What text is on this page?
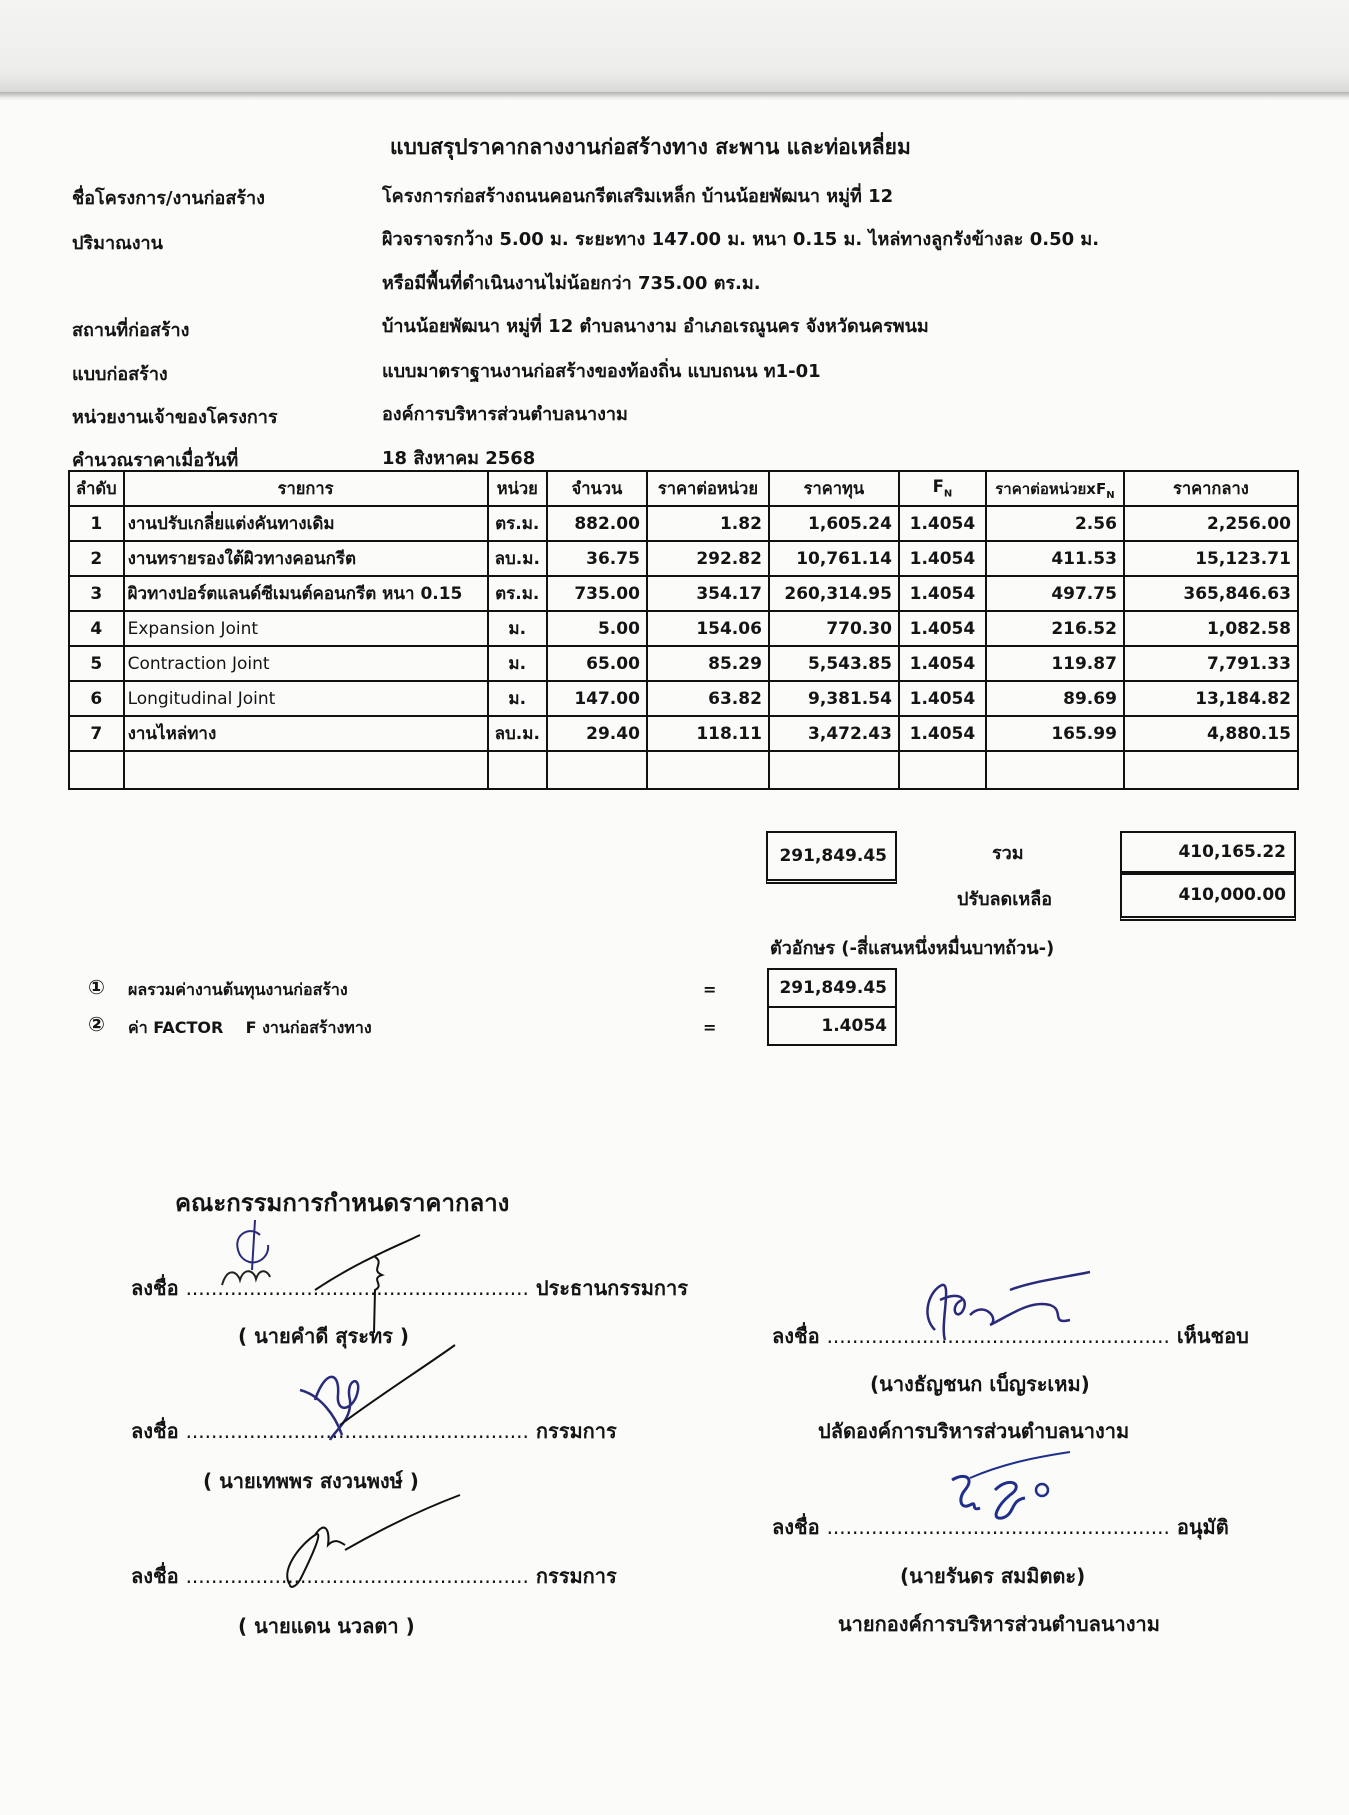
แบบสรุปราคากลางงานก่อสร้างทาง สะพาน และท่อเหลี่ยม
ชื่อโครงการ/งานก่อสร้าง	โครงการก่อสร้างถนนคอนกรีตเสริมเหล็ก บ้านน้อยพัฒนา หมู่ที่ 12
ปริมาณงาน	ผิวจราจรกว้าง 5.00 ม. ระยะทาง 147.00 ม. หนา 0.15 ม. ไหล่ทางลูกรังข้างละ 0.50 ม.
หรือมีพื้นที่ดำเนินงานไม่น้อยกว่า 735.00 ตร.ม.
สถานที่ก่อสร้าง	บ้านน้อยพัฒนา หมู่ที่ 12 ตำบลนางาม อำเภอเรณูนคร จังหวัดนครพนม
แบบก่อสร้าง	แบบมาตราฐานงานก่อสร้างของท้องถิ่น แบบถนน ท1-01
หน่วยงานเจ้าของโครงการ	องค์การบริหารส่วนตำบลนางาม
คำนวณราคาเมื่อวันที่	18 สิงหาคม 2568
ลำดับ	รายการ	หน่วย	จำนวน	ราคาต่อหน่วย	ราคาทุน	$F_N$	ราคาต่อหน่วย$xF_N$	ราคากลาง
1	งานปรับเกลี่ยแต่งคันทางเดิม	ตร.ม.	882.00	1.82	1,605.24	1.4054	2.56	2,256.00
2	งานทรายรองใต้ผิวทางคอนกรีต	ลบ.ม.	36.75	292.82	10,761.14	1.4054	411.53	15,123.71
3	ผิวทางปอร์ตแลนด์ซีเมนต์คอนกรีต หนา 0.15	ตร.ม.	735.00	354.17	260,314.95	1.4054	497.75	365,846.63
4	Expansion Joint	ม.	5.00	154.06	770.30	1.4054	216.52	1,082.58
5	Contraction Joint	ม.	65.00	85.29	5,543.85	1.4054	119.87	7,791.33
6	Longitudinal Joint	ม.	147.00	63.82	9,381.54	1.4054	89.69	13,184.82
7	งานไหล่ทาง	ลบ.ม.	29.40	118.11	3,472.43	1.4054	165.99	4,880.15

291,849.45	รวม	410,165.22
ปรับลดเหลือ	410,000.00
ตัวอักษร (-สี่แสนหนึ่งหมื่นบาทถ้วน-)
① ผลรวมค่างานต้นทุนงานก่อสร้าง	=	291,849.45
② ค่า FACTOR    F งานก่อสร้างทาง	=	1.4054
คณะกรรมการกำหนดราคากลาง
ลงชื่อ ...................................................... ประธานกรรมการ
( นายคำดี สุระทร )
ลงชื่อ ...................................................... กรรมการ
( นายเทพพร สงวนพงษ์ )
ลงชื่อ ...................................................... กรรมการ
( นายแดน นวลตา )
ลงชื่อ ...................................................... เห็นชอบ
(นางธัญชนก เบ็ญระเหม)
ปลัดองค์การบริหารส่วนตำบลนางาม
ลงชื่อ ...................................................... อนุมัติ
(นายรันดร สมมิตตะ)
นายกองค์การบริหารส่วนตำบลนางาม
